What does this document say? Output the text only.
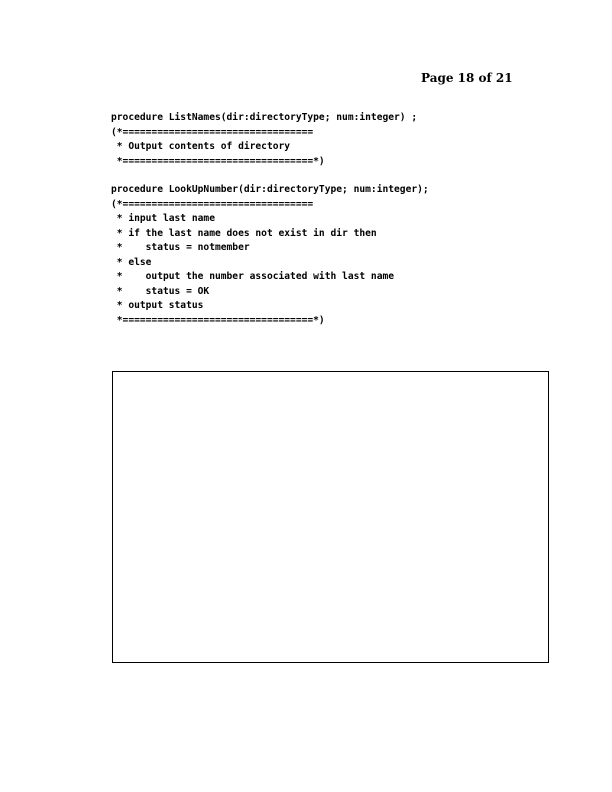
Page 18 of 21
procedure ListNames(dir:directoryType; num:integer) ;
(*=================================
* Output contents of directory
*=================================*)
procedure LookUpNumber(dir:directoryType; num:integer);
(*=================================
* input last name
* if the last name does not exist in dir then
*    status = notmember
* else
*    output the number associated with last name
*    status = OK
* output status
*=================================*)
